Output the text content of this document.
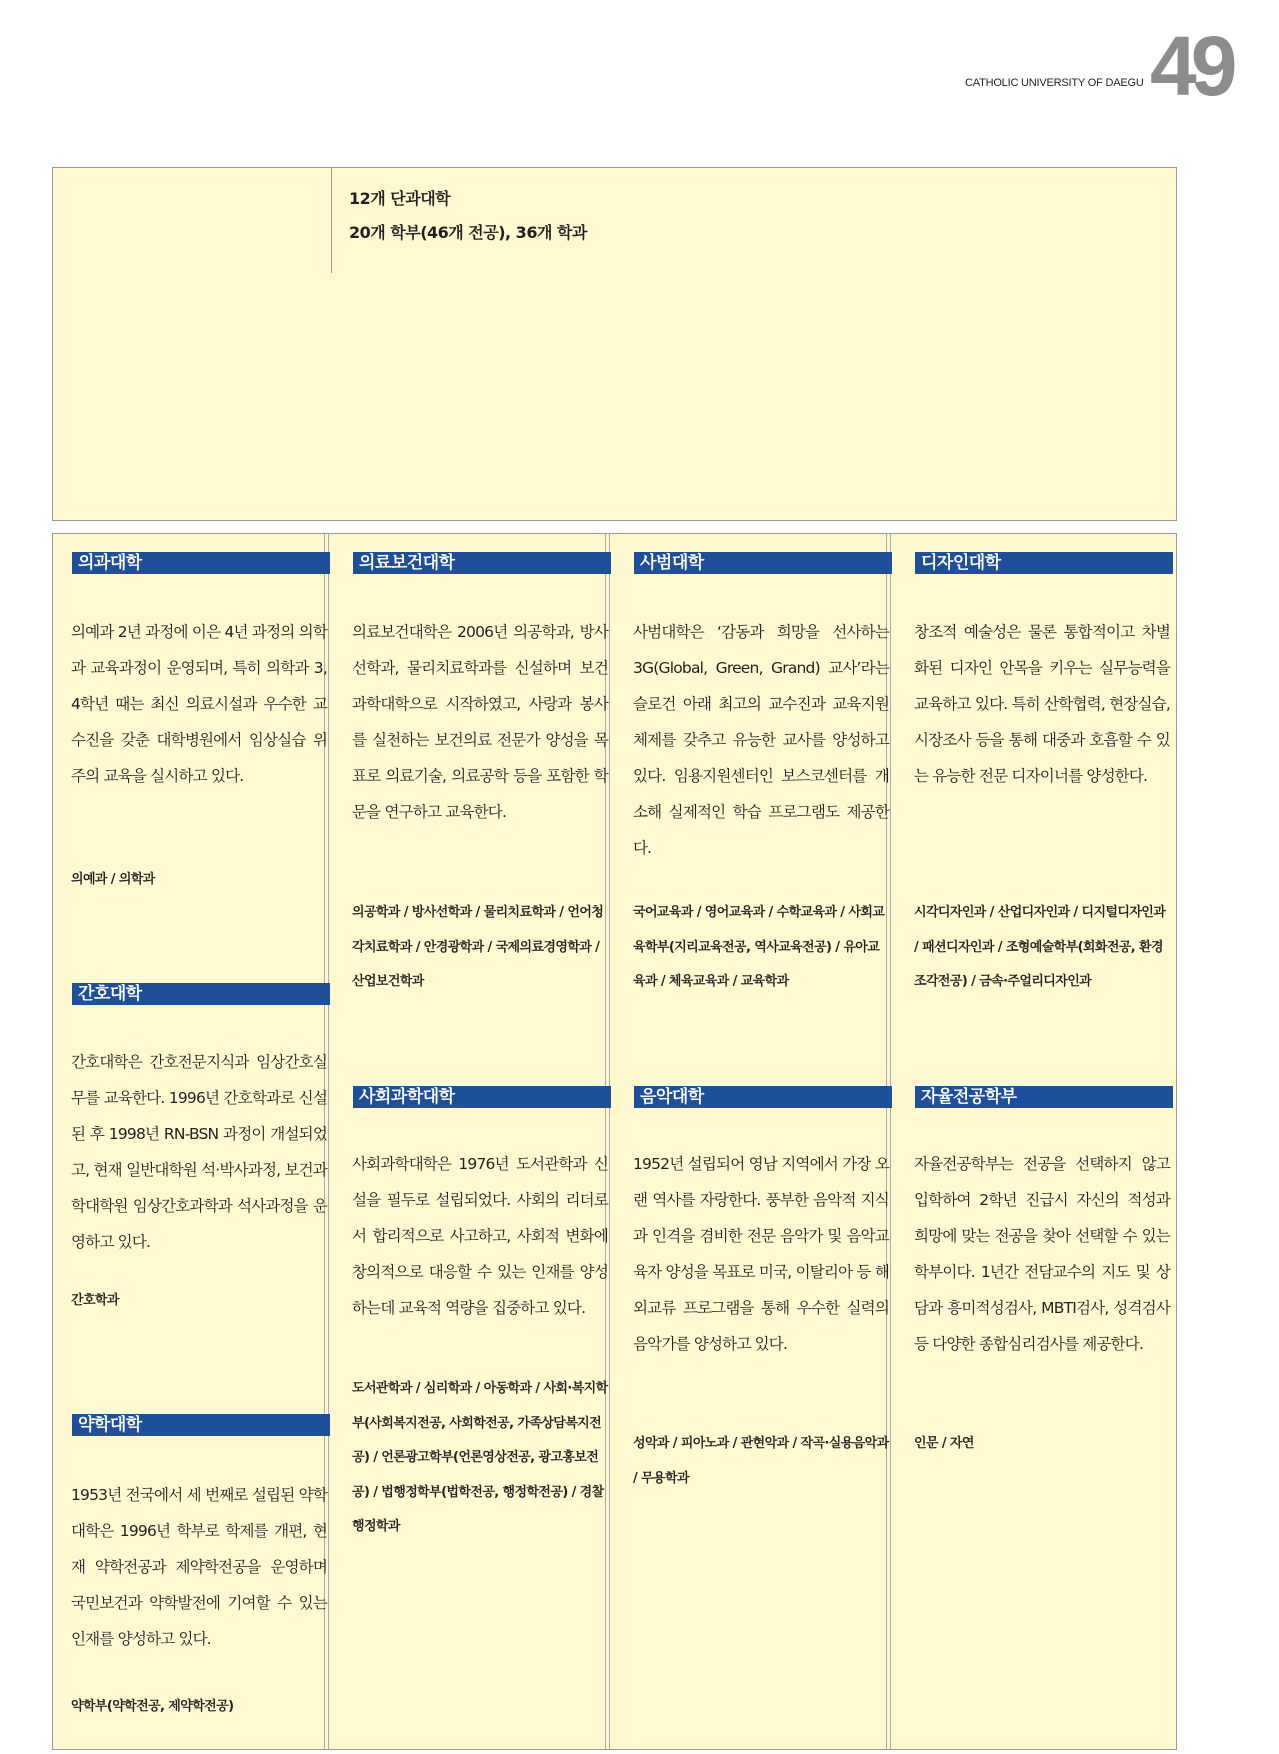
CATHOLIC UNIVERSITY OF DAEGU 49
12개 단과대학
20개 학부(46개 전공), 36개 학과
의과대학
의예과 2년 과정에 이은 4년 과정의 의학과 교육과정이 운영되며, 특히 의학과 3, 4학년 때는 최신 의료시설과 우수한 교수진을 갖춘 대학병원에서 임상실습 위주의 교육을 실시하고 있다.
의예과 / 의학과
간호대학
간호대학은 간호전문지식과 임상간호실무를 교육한다. 1996년 간호학과로 신설된 후 1998년 RN-BSN 과정이 개설되었고, 현재 일반대학원 석·박사과정, 보건과학대학원 임상간호과학과 석사과정을 운영하고 있다.
간호학과
약학대학
1953년 전국에서 세 번째로 설립된 약학대학은 1996년 학부로 학제를 개편, 현재 약학전공과 제약학전공을 운영하며 국민보건과 약학발전에 기여할 수 있는 인재를 양성하고 있다.
약학부(약학전공, 제약학전공)
의료보건대학
의료보건대학은 2006년 의공학과, 방사선학과, 물리치료학과를 신설하며 보건과학대학으로 시작하였고, 사랑과 봉사를 실천하는 보건의료 전문가 양성을 목표로 의료기술, 의료공학 등을 포함한 학문을 연구하고 교육한다.
의공학과 / 방사선학과 / 물리치료학과 / 언어청각치료학과 / 안경광학과 / 국제의료경영학과 / 산업보건학과
사회과학대학
사회과학대학은 1976년 도서관학과 신설을 필두로 설립되었다. 사회의 리더로서 합리적으로 사고하고, 사회적 변화에 창의적으로 대응할 수 있는 인재를 양성하는데 교육적 역량을 집중하고 있다.
도서관학과 / 심리학과 / 아동학과 / 사회·복지학부(사회복지전공, 사회학전공, 가족상담복지전공) / 언론광고학부(언론영상전공, 광고홍보전공) / 법행정학부(법학전공, 행정학전공) / 경찰행정학과
사범대학
사범대학은 ‘감동과 희망을 선사하는 3G(Global, Green, Grand) 교사’라는 슬로건 아래 최고의 교수진과 교육지원체제를 갖추고 유능한 교사를 양성하고 있다. 임용지원센터인 보스코센터를 개소해 실제적인 학습 프로그램도 제공한다.
국어교육과 / 영어교육과 / 수학교육과 / 사회교육학부(지리교육전공, 역사교육전공) / 유아교육과 / 체육교육과 / 교육학과
음악대학
1952년 설립되어 영남 지역에서 가장 오랜 역사를 자랑한다. 풍부한 음악적 지식과 인격을 겸비한 전문 음악가 및 음악교육자 양성을 목표로 미국, 이탈리아 등 해외교류 프로그램을 통해 우수한 실력의 음악가를 양성하고 있다.
성악과 / 피아노과 / 관현악과 / 작곡·실용음악과 / 무용학과
디자인대학
창조적 예술성은 물론 통합적이고 차별화된 디자인 안목을 키우는 실무능력을 교육하고 있다. 특히 산학협력, 현장실습, 시장조사 등을 통해 대중과 호흡할 수 있는 유능한 전문 디자이너를 양성한다.
시각디자인과 / 산업디자인과 / 디지털디자인과 / 패션디자인과 / 조형예술학부(회화전공, 환경조각전공) / 금속·주얼리디자인과
자율전공학부
자율전공학부는 전공을 선택하지 않고 입학하여 2학년 진급시 자신의 적성과 희망에 맞는 전공을 찾아 선택할 수 있는 학부이다. 1년간 전담교수의 지도 및 상담과 흥미적성검사, MBTI검사, 성격검사 등 다양한 종합심리검사를 제공한다.
인문 / 자연
